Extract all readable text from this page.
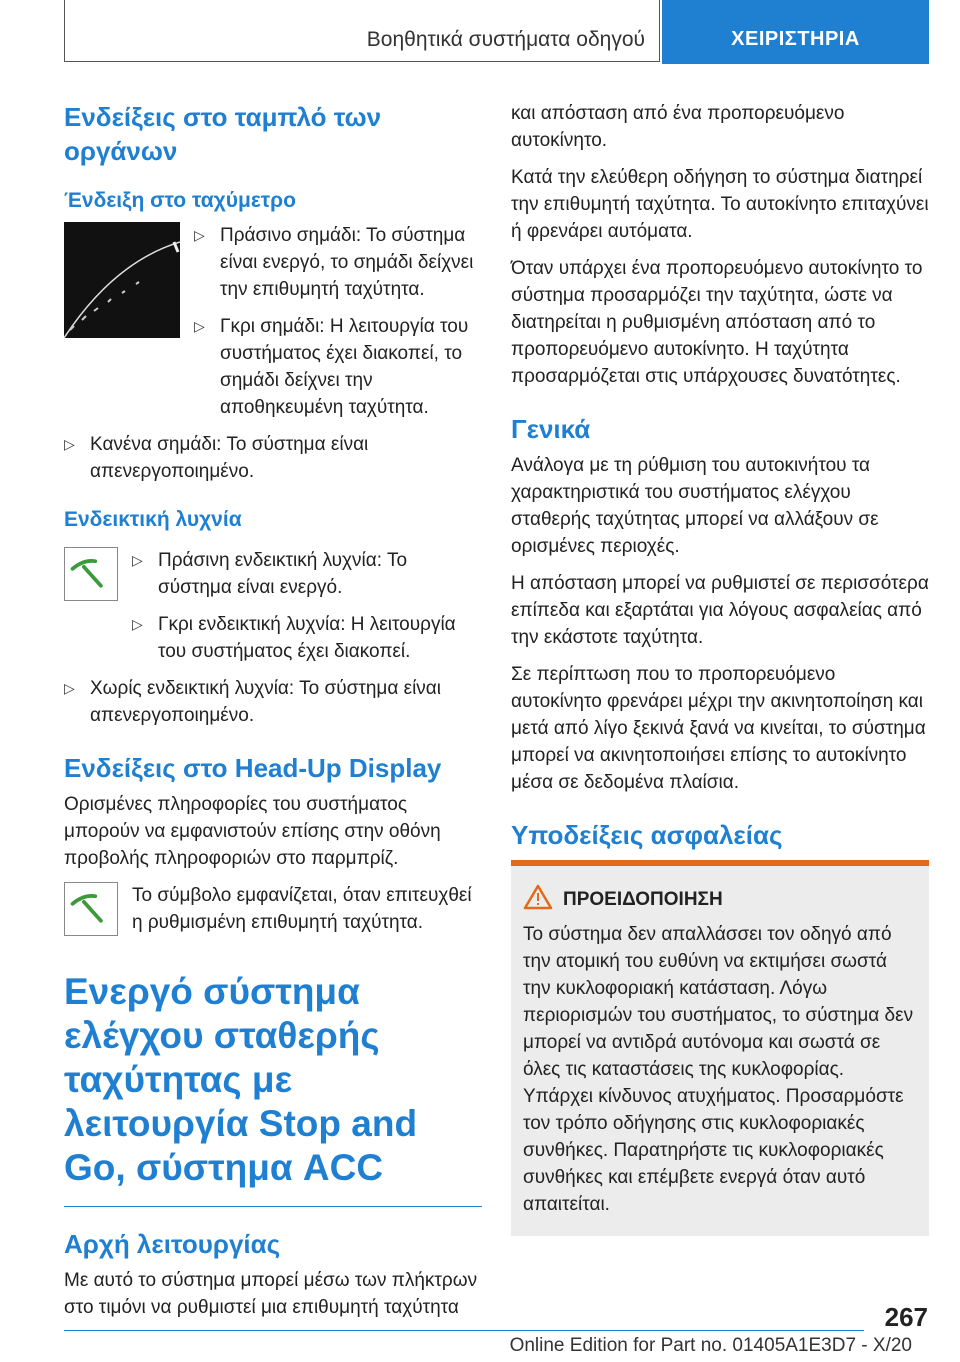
Βοηθητικά συστήματα οδηγού	ΧΕΙΡΙΣΤΗΡΙΑ
Ενδείξεις στο ταμπλό των οργάνων
Ένδειξη στο ταχύμετρο
▷ Πράσινο σημάδι: Το σύστημα είναι ενεργό, το σημάδι δείχνει την επιθυμητή ταχύτητα.
▷ Γκρι σημάδι: Η λειτουργία του συστήματος έχει διακοπεί, το σημάδι δείχνει την αποθηκευμένη ταχύτητα.
▷ Κανένα σημάδι: Το σύστημα είναι απενεργοποιημένο.
Ενδεικτική λυχνία
▷ Πράσινη ενδεικτική λυχνία: Το σύστημα είναι ενεργό.
▷ Γκρι ενδεικτική λυχνία: Η λειτουργία του συστήματος έχει διακοπεί.
▷ Χωρίς ενδεικτική λυχνία: Το σύστημα είναι απενεργοποιημένο.
Ενδείξεις στο Head-Up Display

Ορισμένες πληροφορίες του συστήματος μπορούν να εμφανιστούν επίσης στην οθόνη προβολής πληροφοριών στο παρμπρίζ.

Το σύμβολο εμφανίζεται, όταν επιτευχθεί η ρυθμισμένη επιθυμητή ταχύτητα.

Ενεργό σύστημα ελέγχου σταθερής ταχύτητας με λειτουργία Stop and Go, σύστημα ACC
Αρχή λειτουργίας

Με αυτό το σύστημα μπορεί μέσω των πλήκτρων στο τιμόνι να ρυθμιστεί μια επιθυμητή ταχύτητα

και απόσταση από ένα προπορευόμενο αυτοκίνητο.

Κατά την ελεύθερη οδήγηση το σύστημα διατηρεί την επιθυμητή ταχύτητα. Το αυτοκίνητο επιταχύνει ή φρενάρει αυτόματα.

Όταν υπάρχει ένα προπορευόμενο αυτοκίνητο το σύστημα προσαρμόζει την ταχύτητα, ώστε να διατηρείται η ρυθμισμένη απόσταση από το προπορευόμενο αυτοκίνητο. Η ταχύτητα προσαρμόζεται στις υπάρχουσες δυνατότητες.

Γενικά

Ανάλογα με τη ρύθμιση του αυτοκινήτου τα χαρακτηριστικά του συστήματος ελέγχου σταθερής ταχύτητας μπορεί να αλλάξουν σε ορισμένες περιοχές.

Η απόσταση μπορεί να ρυθμιστεί σε περισσότερα επίπεδα και εξαρτάται για λόγους ασφαλείας από την εκάστοτε ταχύτητα.

Σε περίπτωση που το προπορευόμενο αυτοκίνητο φρενάρει μέχρι την ακινητοποίηση και μετά από λίγο ξεκινά ξανά να κινείται, το σύστημα μπορεί να ακινητοποιήσει επίσης το αυτοκίνητο μέσα σε δεδομένα πλαίσια.

Υποδείξεις ασφαλείας
ΠΡΟΕΙΔΟΠΟΙΗΣΗ

Το σύστημα δεν απαλλάσσει τον οδηγό από την ατομική του ευθύνη να εκτιμήσει σωστά την κυκλοφοριακή κατάσταση. Λόγω περιορισμών του συστήματος, το σύστημα δεν μπορεί να αντιδρά αυτόνομα και σωστά σε όλες τις καταστάσεις της κυκλοφορίας. Υπάρχει κίνδυνος ατυχήματος. Προσαρμόστε τον τρόπο οδήγησης στις κυκλοφοριακές συνθήκες. Παρατηρήστε τις κυκλοφοριακές συνθήκες και επέμβετε ενεργά όταν αυτό απαιτείται.

267
Online Edition for Part no. 01405A1E3D7 - X/20
